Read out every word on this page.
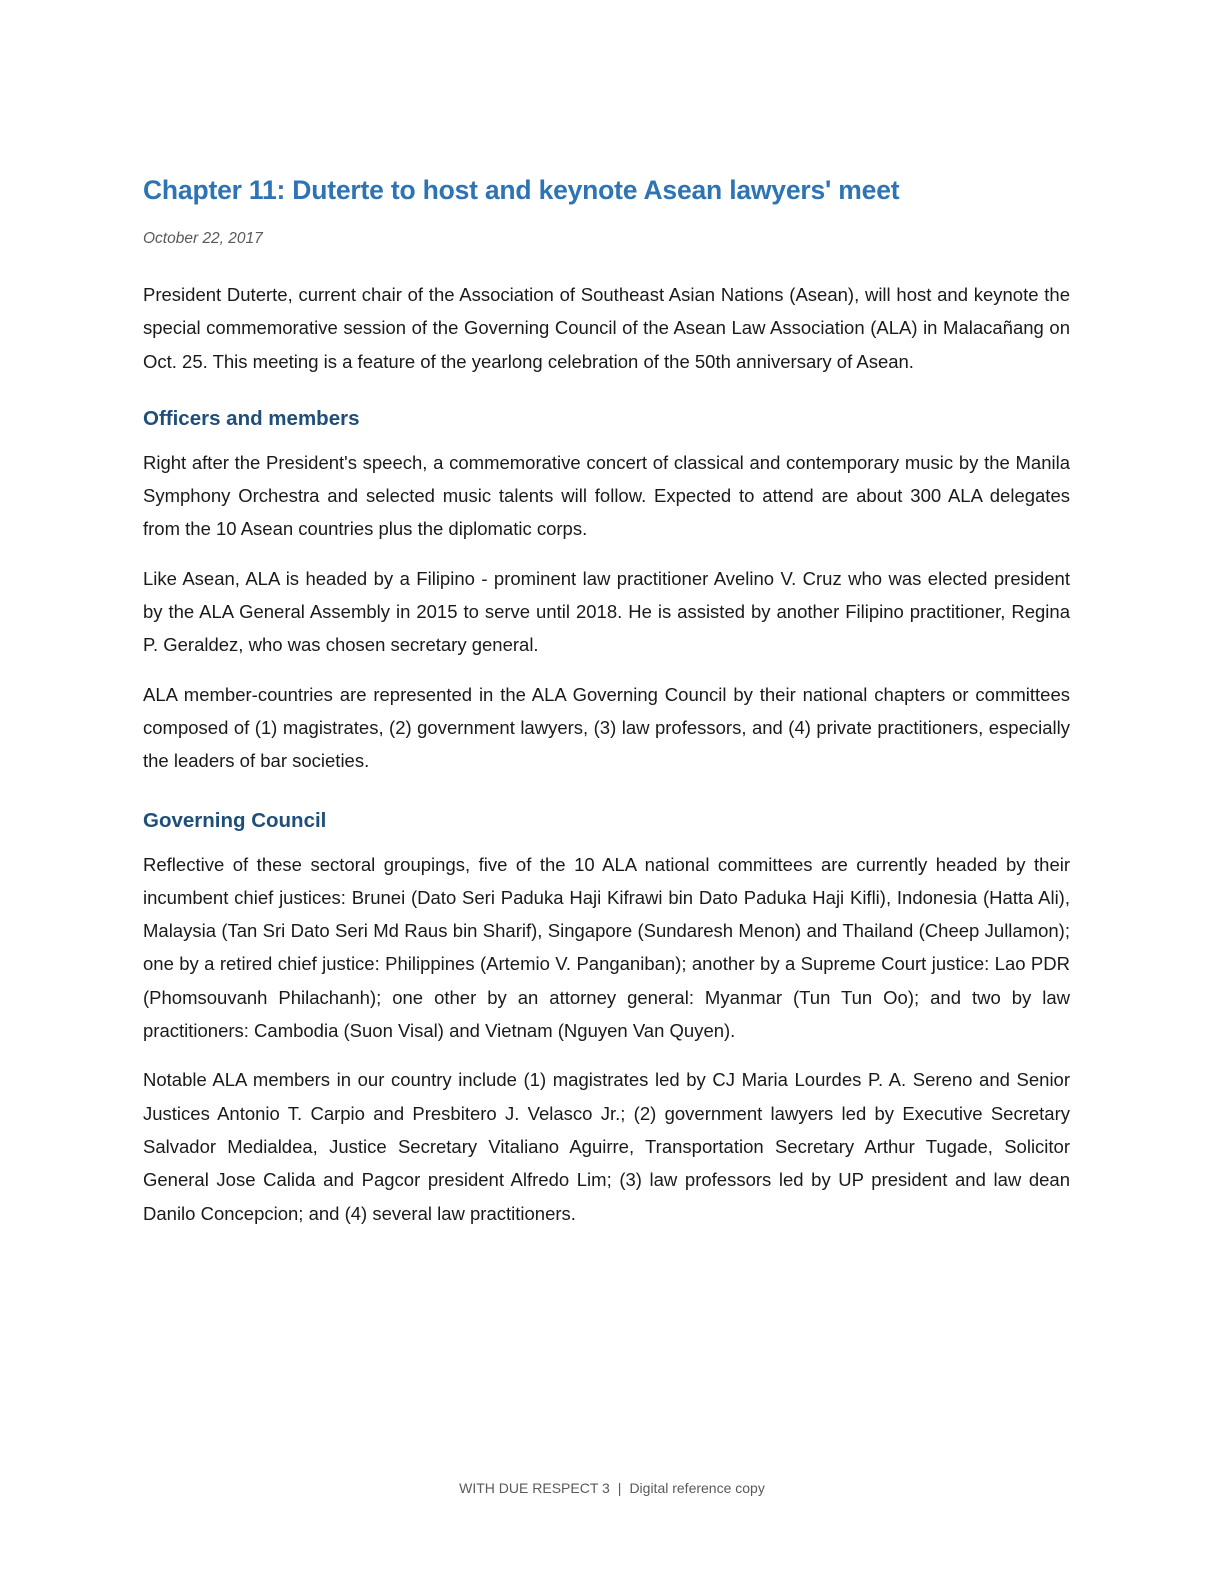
Chapter 11: Duterte to host and keynote Asean lawyers' meet

October 22, 2017

President Duterte, current chair of the Association of Southeast Asian Nations (Asean), will host and keynote the special commemorative session of the Governing Council of the Asean Law Association (ALA) in Malacañang on Oct. 25. This meeting is a feature of the yearlong celebration of the 50th anniversary of Asean.

Officers and members

Right after the President's speech, a commemorative concert of classical and contemporary music by the Manila Symphony Orchestra and selected music talents will follow. Expected to attend are about 300 ALA delegates from the 10 Asean countries plus the diplomatic corps.

Like Asean, ALA is headed by a Filipino - prominent law practitioner Avelino V. Cruz who was elected president by the ALA General Assembly in 2015 to serve until 2018. He is assisted by another Filipino practitioner, Regina P. Geraldez, who was chosen secretary general.

ALA member-countries are represented in the ALA Governing Council by their national chapters or committees composed of (1) magistrates, (2) government lawyers, (3) law professors, and (4) private practitioners, especially the leaders of bar societies.

Governing Council

Reflective of these sectoral groupings, five of the 10 ALA national committees are currently headed by their incumbent chief justices: Brunei (Dato Seri Paduka Haji Kifrawi bin Dato Paduka Haji Kifli), Indonesia (Hatta Ali), Malaysia (Tan Sri Dato Seri Md Raus bin Sharif), Singapore (Sundaresh Menon) and Thailand (Cheep Jullamon); one by a retired chief justice: Philippines (Artemio V. Panganiban); another by a Supreme Court justice: Lao PDR (Phomsouvanh Philachanh); one other by an attorney general: Myanmar (Tun Tun Oo); and two by law practitioners: Cambodia (Suon Visal) and Vietnam (Nguyen Van Quyen).

Notable ALA members in our country include (1) magistrates led by CJ Maria Lourdes P. A. Sereno and Senior Justices Antonio T. Carpio and Presbitero J. Velasco Jr.; (2) government lawyers led by Executive Secretary Salvador Medialdea, Justice Secretary Vitaliano Aguirre, Transportation Secretary Arthur Tugade, Solicitor General Jose Calida and Pagcor president Alfredo Lim; (3) law professors led by UP president and law dean Danilo Concepcion; and (4) several law practitioners.

WITH DUE RESPECT 3 | Digital reference copy
